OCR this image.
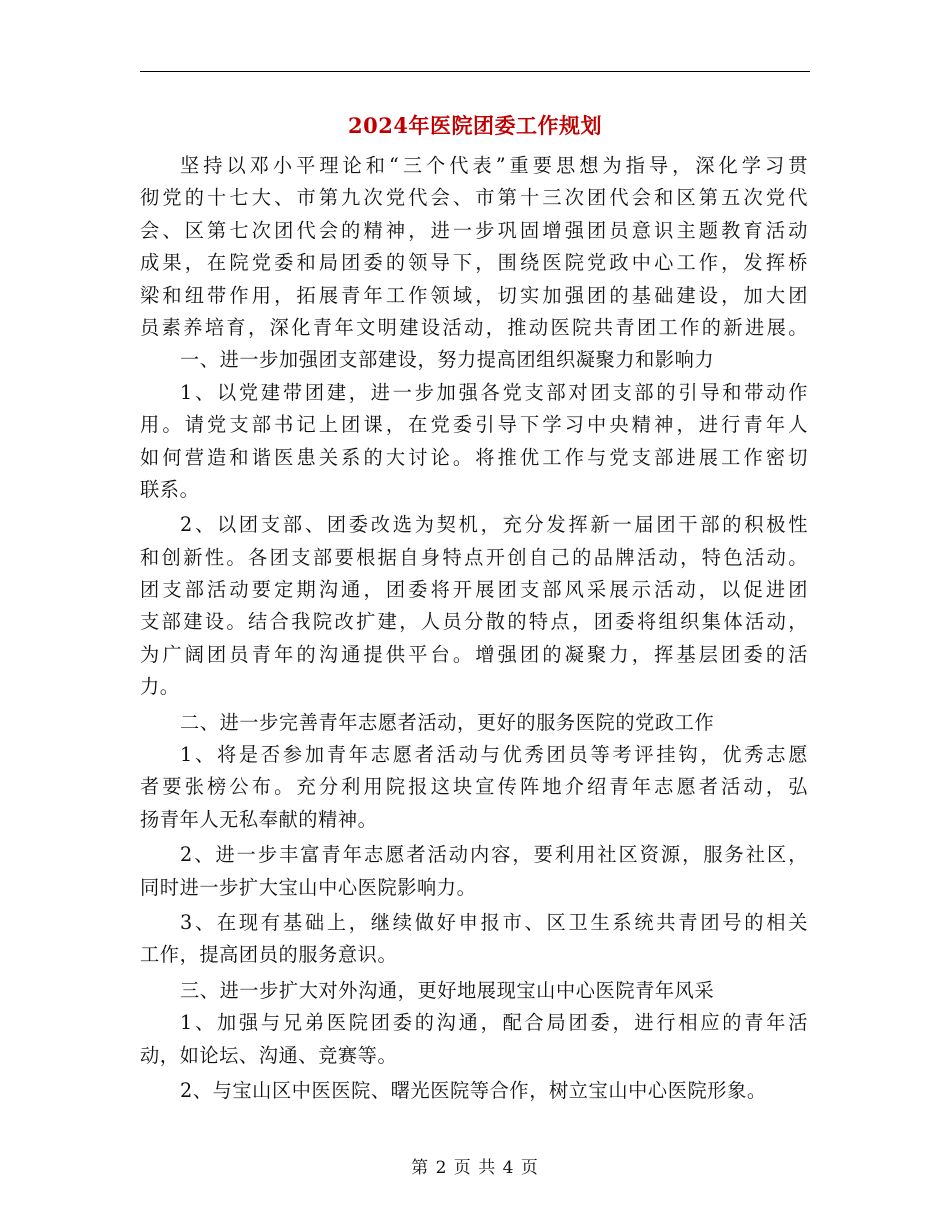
2024年医院团委工作规划
坚持以邓小平理论和“三个代表”重要思想为指导，深化学习贯
彻党的十七大、市第九次党代会、市第十三次团代会和区第五次党代
会、区第七次团代会的精神，进一步巩固增强团员意识主题教育活动
成果，在院党委和局团委的领导下，围绕医院党政中心工作，发挥桥
梁和纽带作用，拓展青年工作领域，切实加强团的基础建设，加大团
员素养培育，深化青年文明建设活动，推动医院共青团工作的新进展。
一、进一步加强团支部建设，努力提高团组织凝聚力和影响力
1、以党建带团建，进一步加强各党支部对团支部的引导和带动作
用。请党支部书记上团课，在党委引导下学习中央精神，进行青年人
如何营造和谐医患关系的大讨论。将推优工作与党支部进展工作密切
联系。
2、以团支部、团委改选为契机，充分发挥新一届团干部的积极性
和创新性。各团支部要根据自身特点开创自己的品牌活动，特色活动。
团支部活动要定期沟通，团委将开展团支部风采展示活动，以促进团
支部建设。结合我院改扩建，人员分散的特点，团委将组织集体活动，
为广阔团员青年的沟通提供平台。增强团的凝聚力，挥基层团委的活
力。
二、进一步完善青年志愿者活动，更好的服务医院的党政工作
1、将是否参加青年志愿者活动与优秀团员等考评挂钩，优秀志愿
者要张榜公布。充分利用院报这块宣传阵地介绍青年志愿者活动，弘
扬青年人无私奉献的精神。
2、进一步丰富青年志愿者活动内容，要利用社区资源，服务社区，
同时进一步扩大宝山中心医院影响力。
3、在现有基础上，继续做好申报市、区卫生系统共青团号的相关
工作，提高团员的服务意识。
三、进一步扩大对外沟通，更好地展现宝山中心医院青年风采
1、加强与兄弟医院团委的沟通，配合局团委，进行相应的青年活
动，如论坛、沟通、竞赛等。
2、与宝山区中医医院、曙光医院等合作，树立宝山中心医院形象。
第 2 页 共 4 页
